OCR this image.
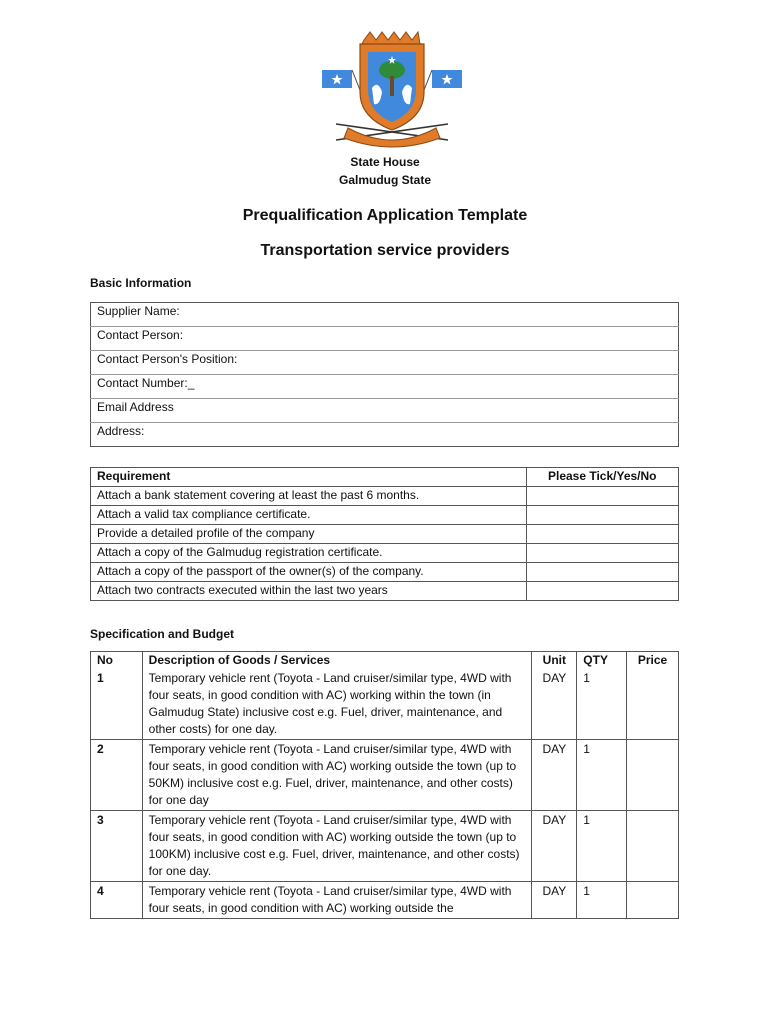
State House
Galmudug State
Prequalification Application Template
Transportation service providers
Basic Information
Supplier Name:
Contact Person:
Contact Person's Position:
Contact Number:_
Email Address
Address:
Requirement	Please Tick/Yes/No
Attach a bank statement covering at least the past 6 months.	
Attach a valid tax compliance certificate.	
Provide a detailed profile of the company	
Attach a copy of the Galmudug registration certificate.	
Attach a copy of the passport of the owner(s) of the company.	
Attach two contracts executed within the last two years	
Specification and Budget
No	Description of Goods / Services	Unit	QTY	Price
1	Temporary vehicle rent (Toyota - Land cruiser/similar type, 4WD with four seats, in good condition with AC) working within the town (in Galmudug State) inclusive cost e.g. Fuel, driver, maintenance, and other costs) for one day.	DAY	1	
2	Temporary vehicle rent (Toyota - Land cruiser/similar type, 4WD with four seats, in good condition with AC) working outside the town (up to 50KM) inclusive cost e.g. Fuel, driver, maintenance, and other costs) for one day	DAY	1	
3	Temporary vehicle rent (Toyota - Land cruiser/similar type, 4WD with four seats, in good condition with AC) working outside the town (up to 100KM) inclusive cost e.g. Fuel, driver, maintenance, and other costs) for one day.	DAY	1	
4	Temporary vehicle rent (Toyota - Land cruiser/similar type, 4WD with four seats, in good condition with AC) working outside the	DAY	1	
